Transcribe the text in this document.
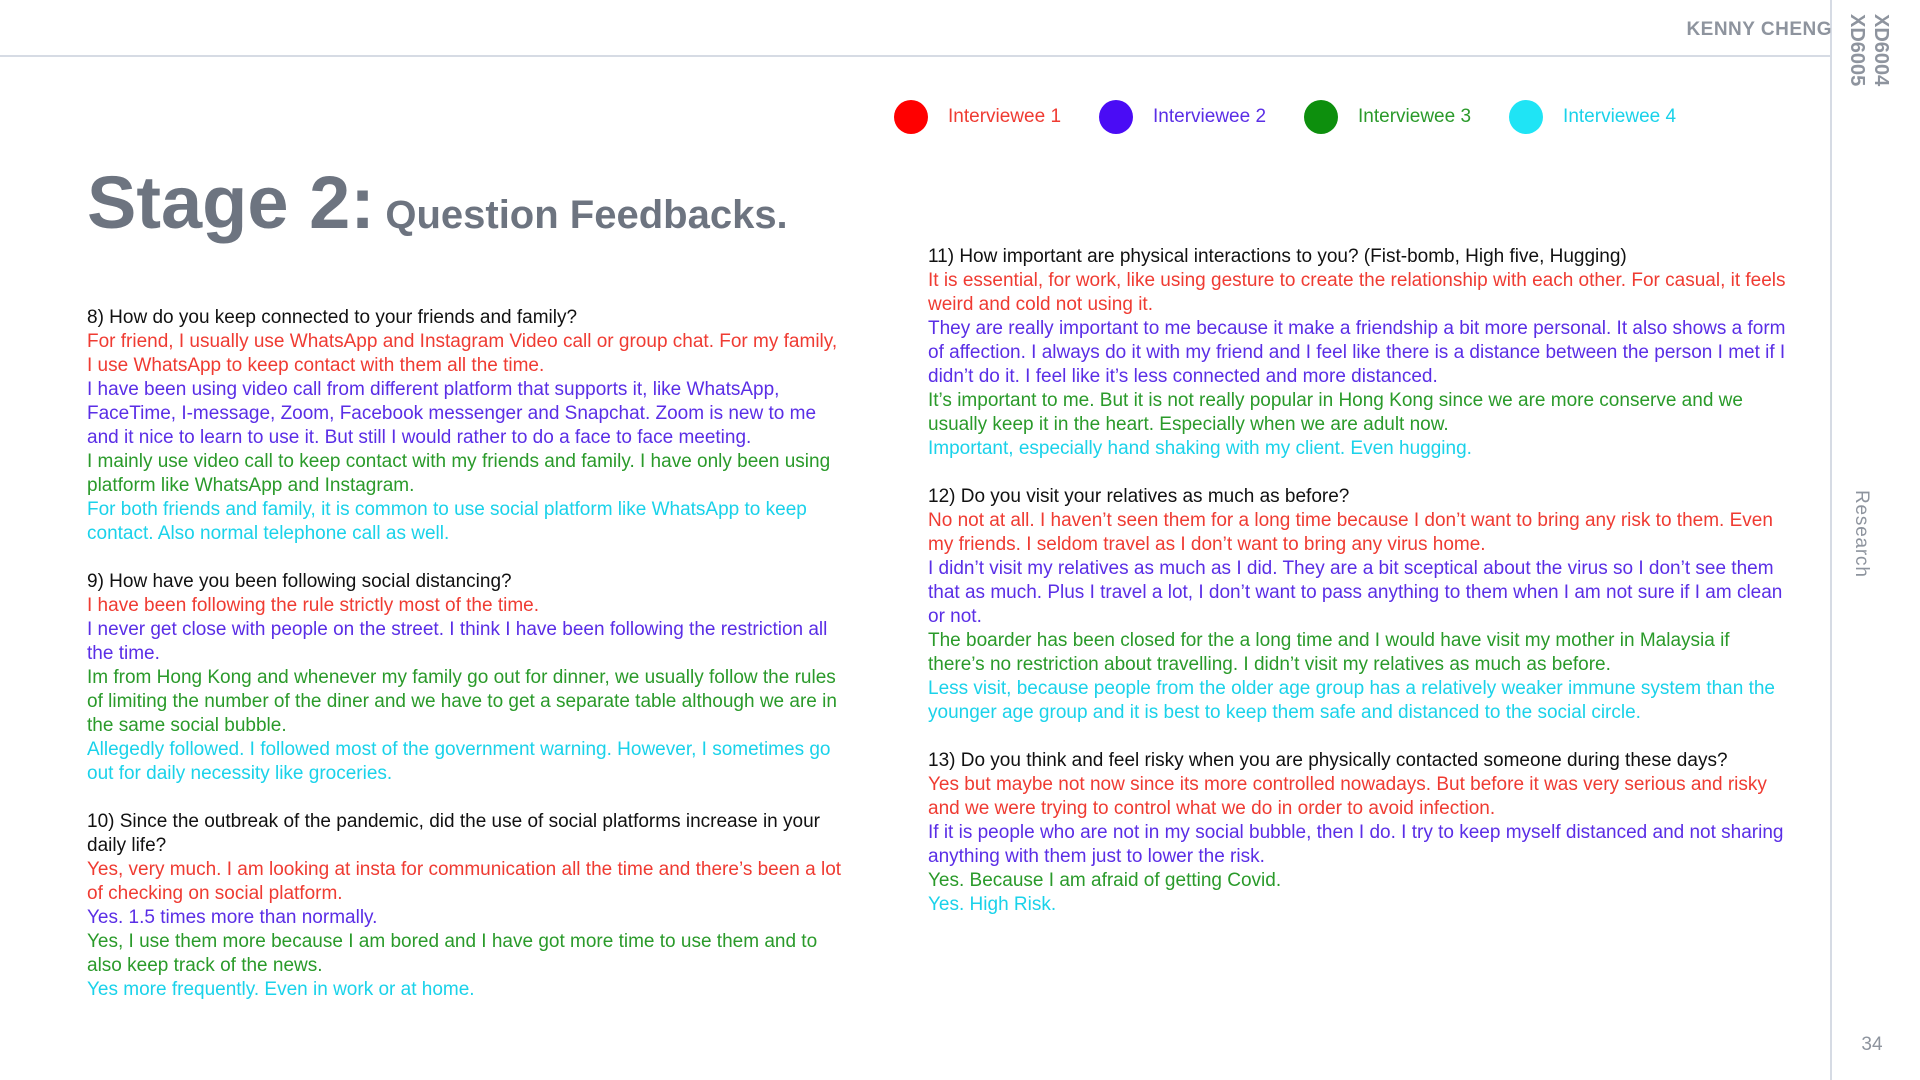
KENNY CHENG XD6004
XD6005
Research
34
Interviewee 1	Interviewee 2	Interviewee 3	Interviewee 4
Stage 2: Question Feedbacks.
8) How do you keep connected to your friends and family?
For friend, I usually use WhatsApp and Instagram Video call or group chat. For my family, I use WhatsApp to keep contact with them all the time.
I have been using video call from different platform that supports it, like WhatsApp, FaceTime, I-message, Zoom, Facebook messenger and Snapchat. Zoom is new to me and it nice to learn to use it. But still I would rather to do a face to face meeting.
I mainly use video call to keep contact with my friends and family. I have only been using platform like WhatsApp and Instagram.
For both friends and family, it is common to use social platform like WhatsApp to keep contact. Also normal telephone call as well.
9) How have you been following social distancing?
I have been following the rule strictly most of the time.
I never get close with people on the street. I think I have been following the restriction all the time.
Im from Hong Kong and whenever my family go out for dinner, we usually follow the rules of limiting the number of the diner and we have to get a separate table although we are in the same social bubble.
Allegedly followed. I followed most of the government warning. However, I sometimes go out for daily necessity like groceries.
10) Since the outbreak of the pandemic, did the use of social platforms increase in your daily life?
Yes, very much. I am looking at insta for communication all the time and there’s been a lot of checking on social platform.
Yes. 1.5 times more than normally.
Yes, I use them more because I am bored and I have got more time to use them and to also keep track of the news.
Yes more frequently. Even in work or at home.
11) How important are physical interactions to you? (Fist-bomb, High five, Hugging)
It is essential, for work, like using gesture to create the relationship with each other. For casual, it feels weird and cold not using it.
They are really important to me because it make a friendship a bit more personal. It also shows a form of affection. I always do it with my friend and I feel like there is a distance between the person I met if I didn’t do it. I feel like it’s less connected and more distanced.
It’s important to me. But it is not really popular in Hong Kong since we are more conserve and we usually keep it in the heart. Especially when we are adult now.
Important, especially hand shaking with my client. Even hugging.
12) Do you visit your relatives as much as before?
No not at all. I haven’t seen them for a long time because I don’t want to bring any risk to them. Even my friends. I seldom travel as I don’t want to bring any virus home.
I didn’t visit my relatives as much as I did. They are a bit sceptical about the virus so I don’t see them that as much. Plus I travel a lot, I don’t want to pass anything to them when I am not sure if I am clean or not.
The boarder has been closed for the a long time and I would have visit my mother in Malaysia if there’s no restriction about travelling. I didn’t visit my relatives as much as before.
Less visit, because people from the older age group has a relatively weaker immune system than the younger age group and it is best to keep them safe and distanced to the social circle.
13) Do you think and feel risky when you are physically contacted someone during these days?
Yes but maybe not now since its more controlled nowadays. But before it was very serious and risky and we were trying to control what we do in order to avoid infection.
If it is people who are not in my social bubble, then I do. I try to keep myself distanced and not sharing anything with them just to lower the risk.
Yes. Because I am afraid of getting Covid.
Yes. High Risk.
